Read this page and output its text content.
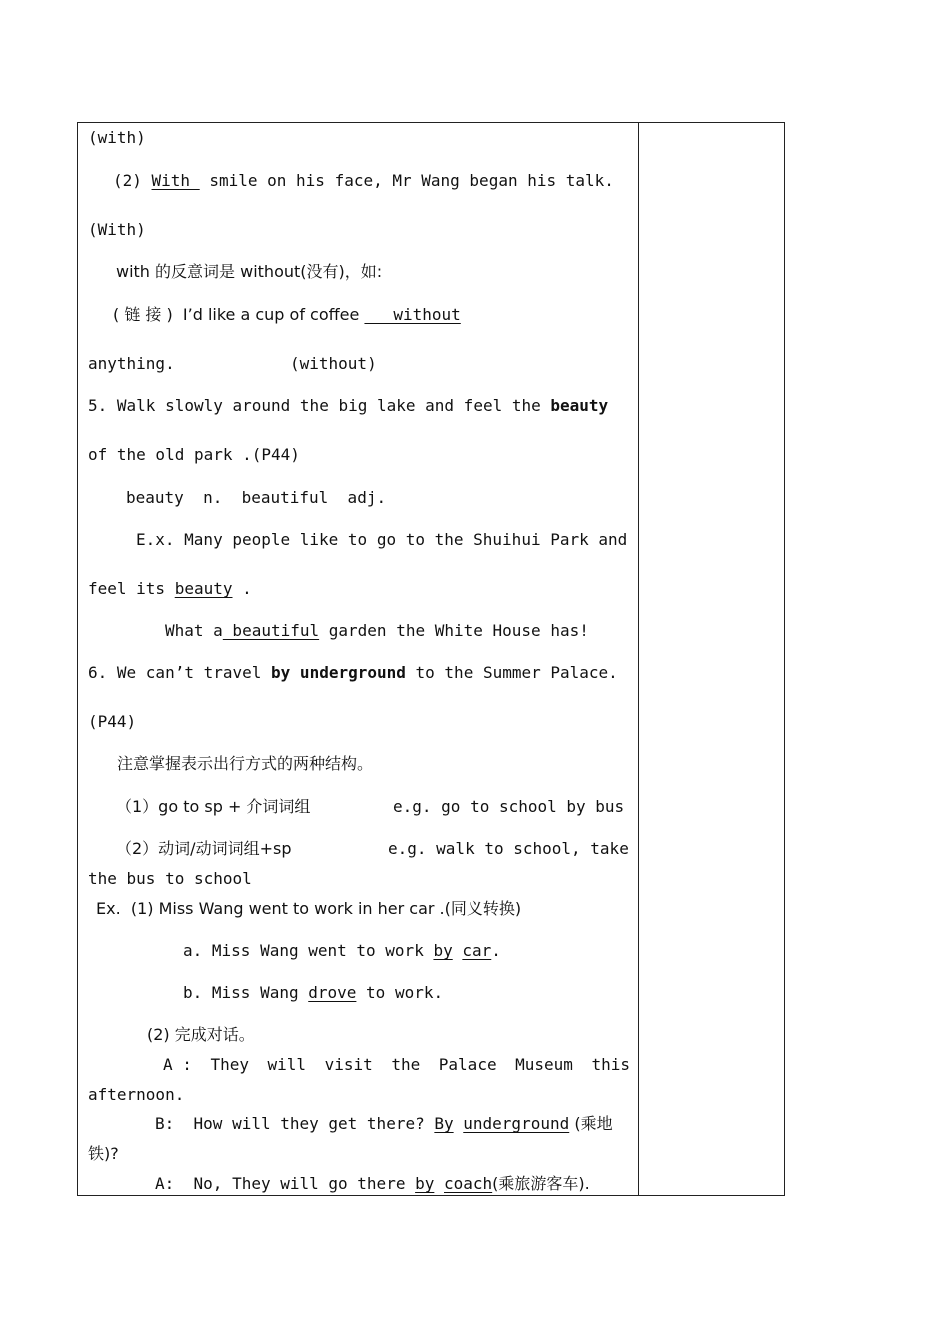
(with)
(2) With  smile on his face, Mr Wang began his talk.
(With)
with 的反意词是 without(没有)，如:
( 链 接 )  I’d like a cup of coffee    without
anything.	(without)
5. Walk slowly around the big lake and feel the beauty
of the old park .(P44)
beauty  n.  beautiful  adj.
E.x. Many people like to go to the Shuihui Park and
feel its beauty .
What a beautiful garden the White House has!
6. We can’t travel by underground to the Summer Palace.
(P44)
注意掌握表示出行方式的两种结构。
（1）go to sp + 介词词组	e.g. go to school by bus
（2）动词/动词词组+sp	e.g. walk to school, take
the bus to school
Ex.  (1) Miss Wang went to work in her car .(同义转换)
a. Miss Wang went to work by car.
b. Miss Wang drove to work.
(2) 完成对话。
A : They will visit the Palace Museum this
afternoon.
B:  How will they get there? By underground (乘地
铁)?
A:  No, They will go there by coach(乘旅游客车).
